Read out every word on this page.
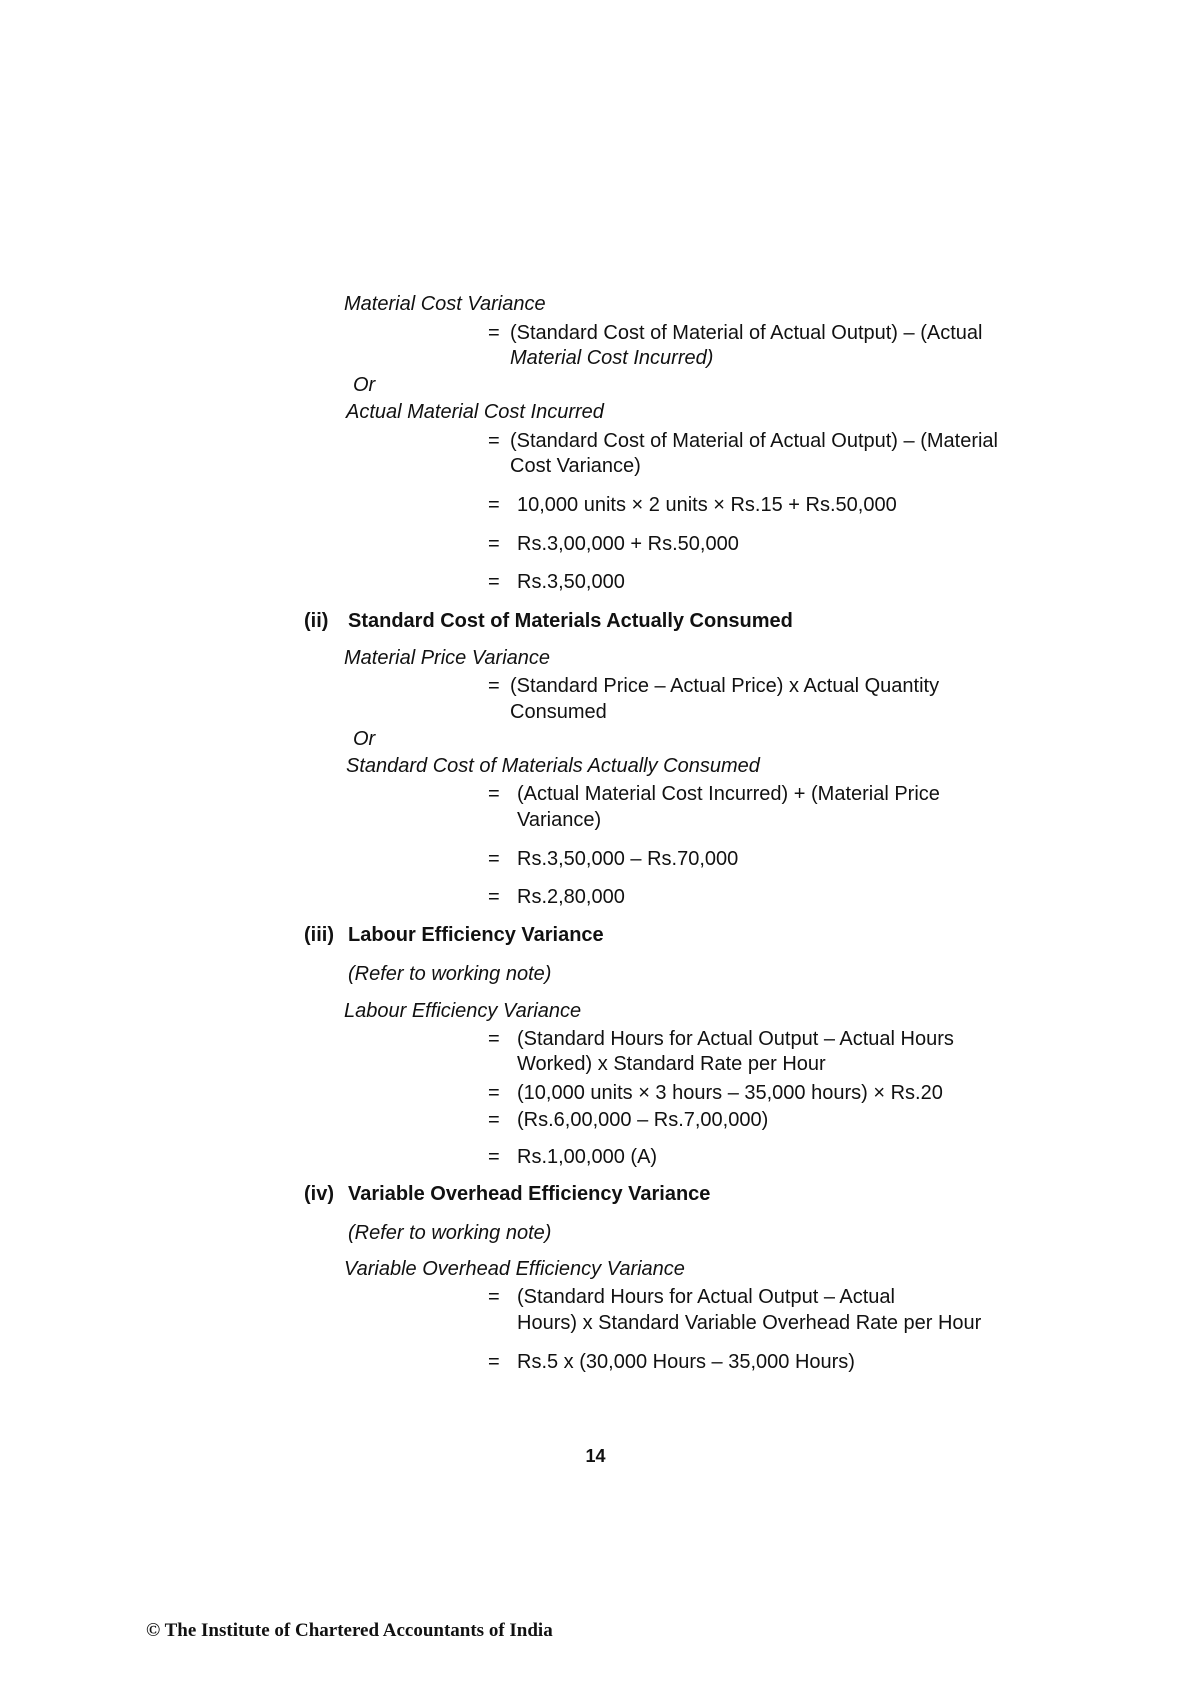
Material Cost Variance
= (Standard Cost of Material of Actual Output) – (Actual
Material Cost Incurred)
Or
Actual Material Cost Incurred
= (Standard Cost of Material of Actual Output) – (Material
Cost Variance)
= 10,000 units × 2 units × Rs.15 + Rs.50,000
= Rs.3,00,000 + Rs.50,000
= Rs.3,50,000
(ii) Standard Cost of Materials Actually Consumed
Material Price Variance
= (Standard Price – Actual Price) x Actual Quantity
Consumed
Or
Standard Cost of Materials Actually Consumed
= (Actual Material Cost Incurred) + (Material Price
Variance)
= Rs.3,50,000 – Rs.70,000
= Rs.2,80,000
(iii) Labour Efficiency Variance
(Refer to working note)
Labour Efficiency Variance
= (Standard Hours for Actual Output – Actual Hours
Worked) x Standard Rate per Hour
= (10,000 units × 3 hours – 35,000 hours) × Rs.20
= (Rs.6,00,000 – Rs.7,00,000)
= Rs.1,00,000 (A)
(iv) Variable Overhead Efficiency Variance
(Refer to working note)
Variable Overhead Efficiency Variance
= (Standard Hours for Actual Output – Actual
Hours) x Standard Variable Overhead Rate per Hour
= Rs.5 x (30,000 Hours – 35,000 Hours)
14
© The Institute of Chartered Accountants of India
